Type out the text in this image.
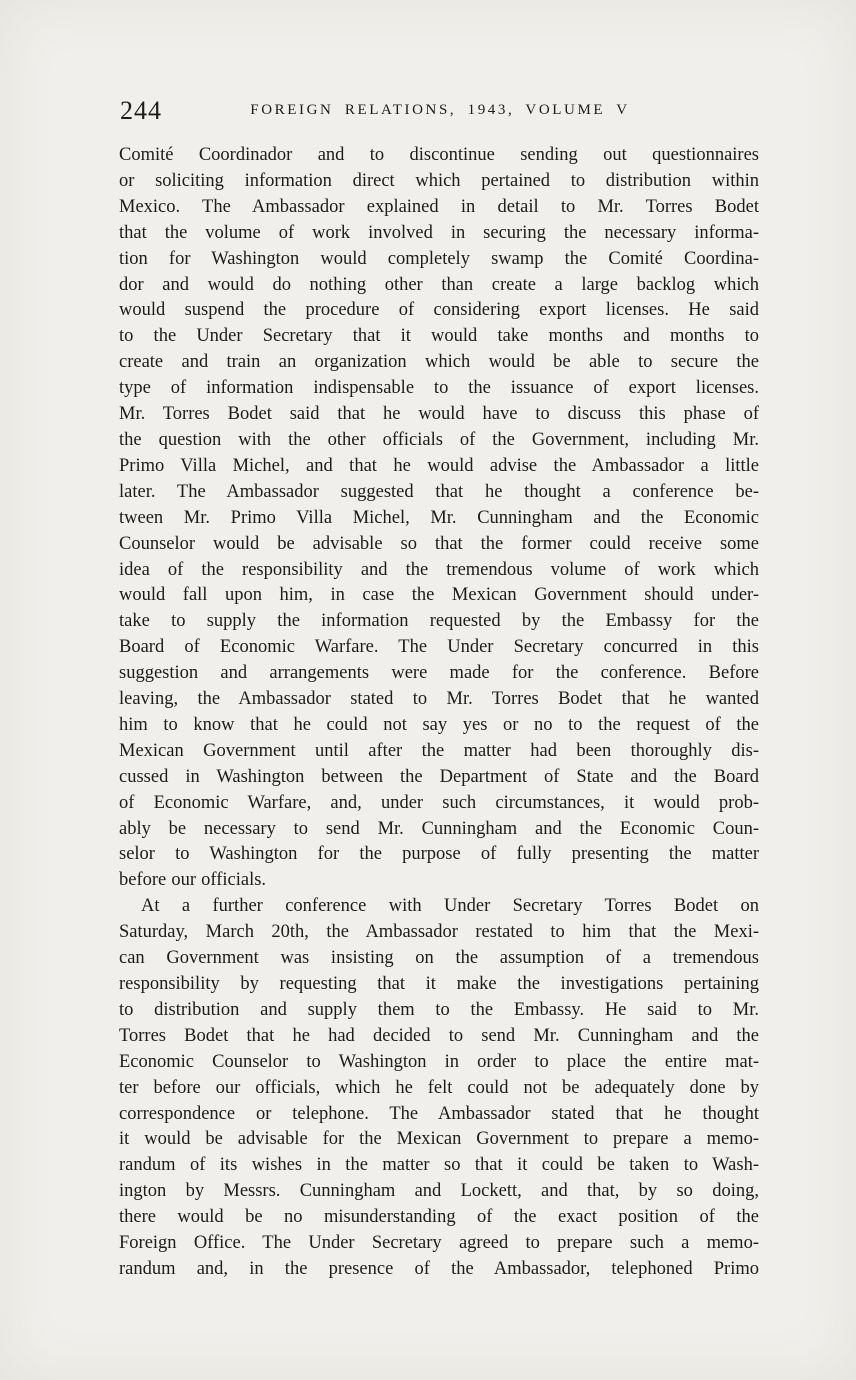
244	FOREIGN RELATIONS, 1943, VOLUME V
Comité Coordinador and to discontinue sending out questionnaires
or soliciting information direct which pertained to distribution within
Mexico. The Ambassador explained in detail to Mr. Torres Bodet
that the volume of work involved in securing the necessary informa-
tion for Washington would completely swamp the Comité Coordina-
dor and would do nothing other than create a large backlog which
would suspend the procedure of considering export licenses. He said
to the Under Secretary that it would take months and months to
create and train an organization which would be able to secure the
type of information indispensable to the issuance of export licenses.
Mr. Torres Bodet said that he would have to discuss this phase of
the question with the other officials of the Government, including Mr.
Primo Villa Michel, and that he would advise the Ambassador a little
later. The Ambassador suggested that he thought a conference be-
tween Mr. Primo Villa Michel, Mr. Cunningham and the Economic
Counselor would be advisable so that the former could receive some
idea of the responsibility and the tremendous volume of work which
would fall upon him, in case the Mexican Government should under-
take to supply the information requested by the Embassy for the
Board of Economic Warfare. The Under Secretary concurred in this
suggestion and arrangements were made for the conference. Before
leaving, the Ambassador stated to Mr. Torres Bodet that he wanted
him to know that he could not say yes or no to the request of the
Mexican Government until after the matter had been thoroughly dis-
cussed in Washington between the Department of State and the Board
of Economic Warfare, and, under such circumstances, it would prob-
ably be necessary to send Mr. Cunningham and the Economic Coun-
selor to Washington for the purpose of fully presenting the matter
before our officials.
At a further conference with Under Secretary Torres Bodet on
Saturday, March 20th, the Ambassador restated to him that the Mexi-
can Government was insisting on the assumption of a tremendous
responsibility by requesting that it make the investigations pertaining
to distribution and supply them to the Embassy. He said to Mr.
Torres Bodet that he had decided to send Mr. Cunningham and the
Economic Counselor to Washington in order to place the entire mat-
ter before our officials, which he felt could not be adequately done by
correspondence or telephone. The Ambassador stated that he thought
it would be advisable for the Mexican Government to prepare a memo-
randum of its wishes in the matter so that it could be taken to Wash-
ington by Messrs. Cunningham and Lockett, and that, by so doing,
there would be no misunderstanding of the exact position of the
Foreign Office. The Under Secretary agreed to prepare such a memo-
randum and, in the presence of the Ambassador, telephoned Primo
